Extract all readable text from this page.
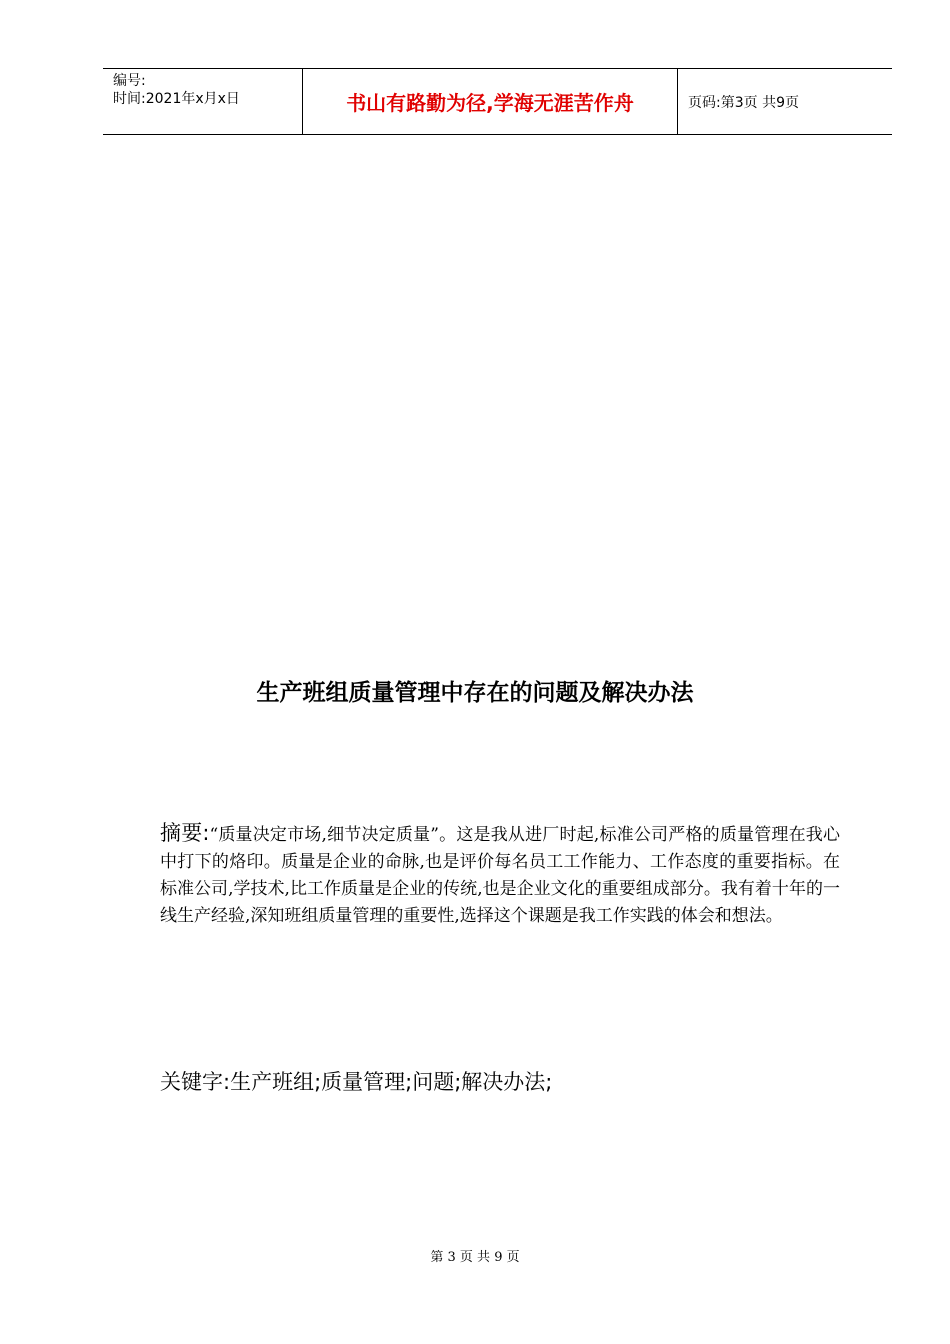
编号:
时间:2021年x月x日	书山有路勤为径,学海无涯苦作舟	页码:第3页 共9页
生产班组质量管理中存在的问题及解决办法
摘要:“质量决定市场,细节决定质量”。这是我从进厂时起,标准公司严格的质量管理在我心中打下的烙印。质量是企业的命脉,也是评价每名员工工作能力、工作态度的重要指标。在标准公司,学技术,比工作质量是企业的传统,也是企业文化的重要组成部分。我有着十年的一线生产经验,深知班组质量管理的重要性,选择这个课题是我工作实践的体会和想法。
关键字:生产班组;质量管理;问题;解决办法;
第 3 页 共 9 页
